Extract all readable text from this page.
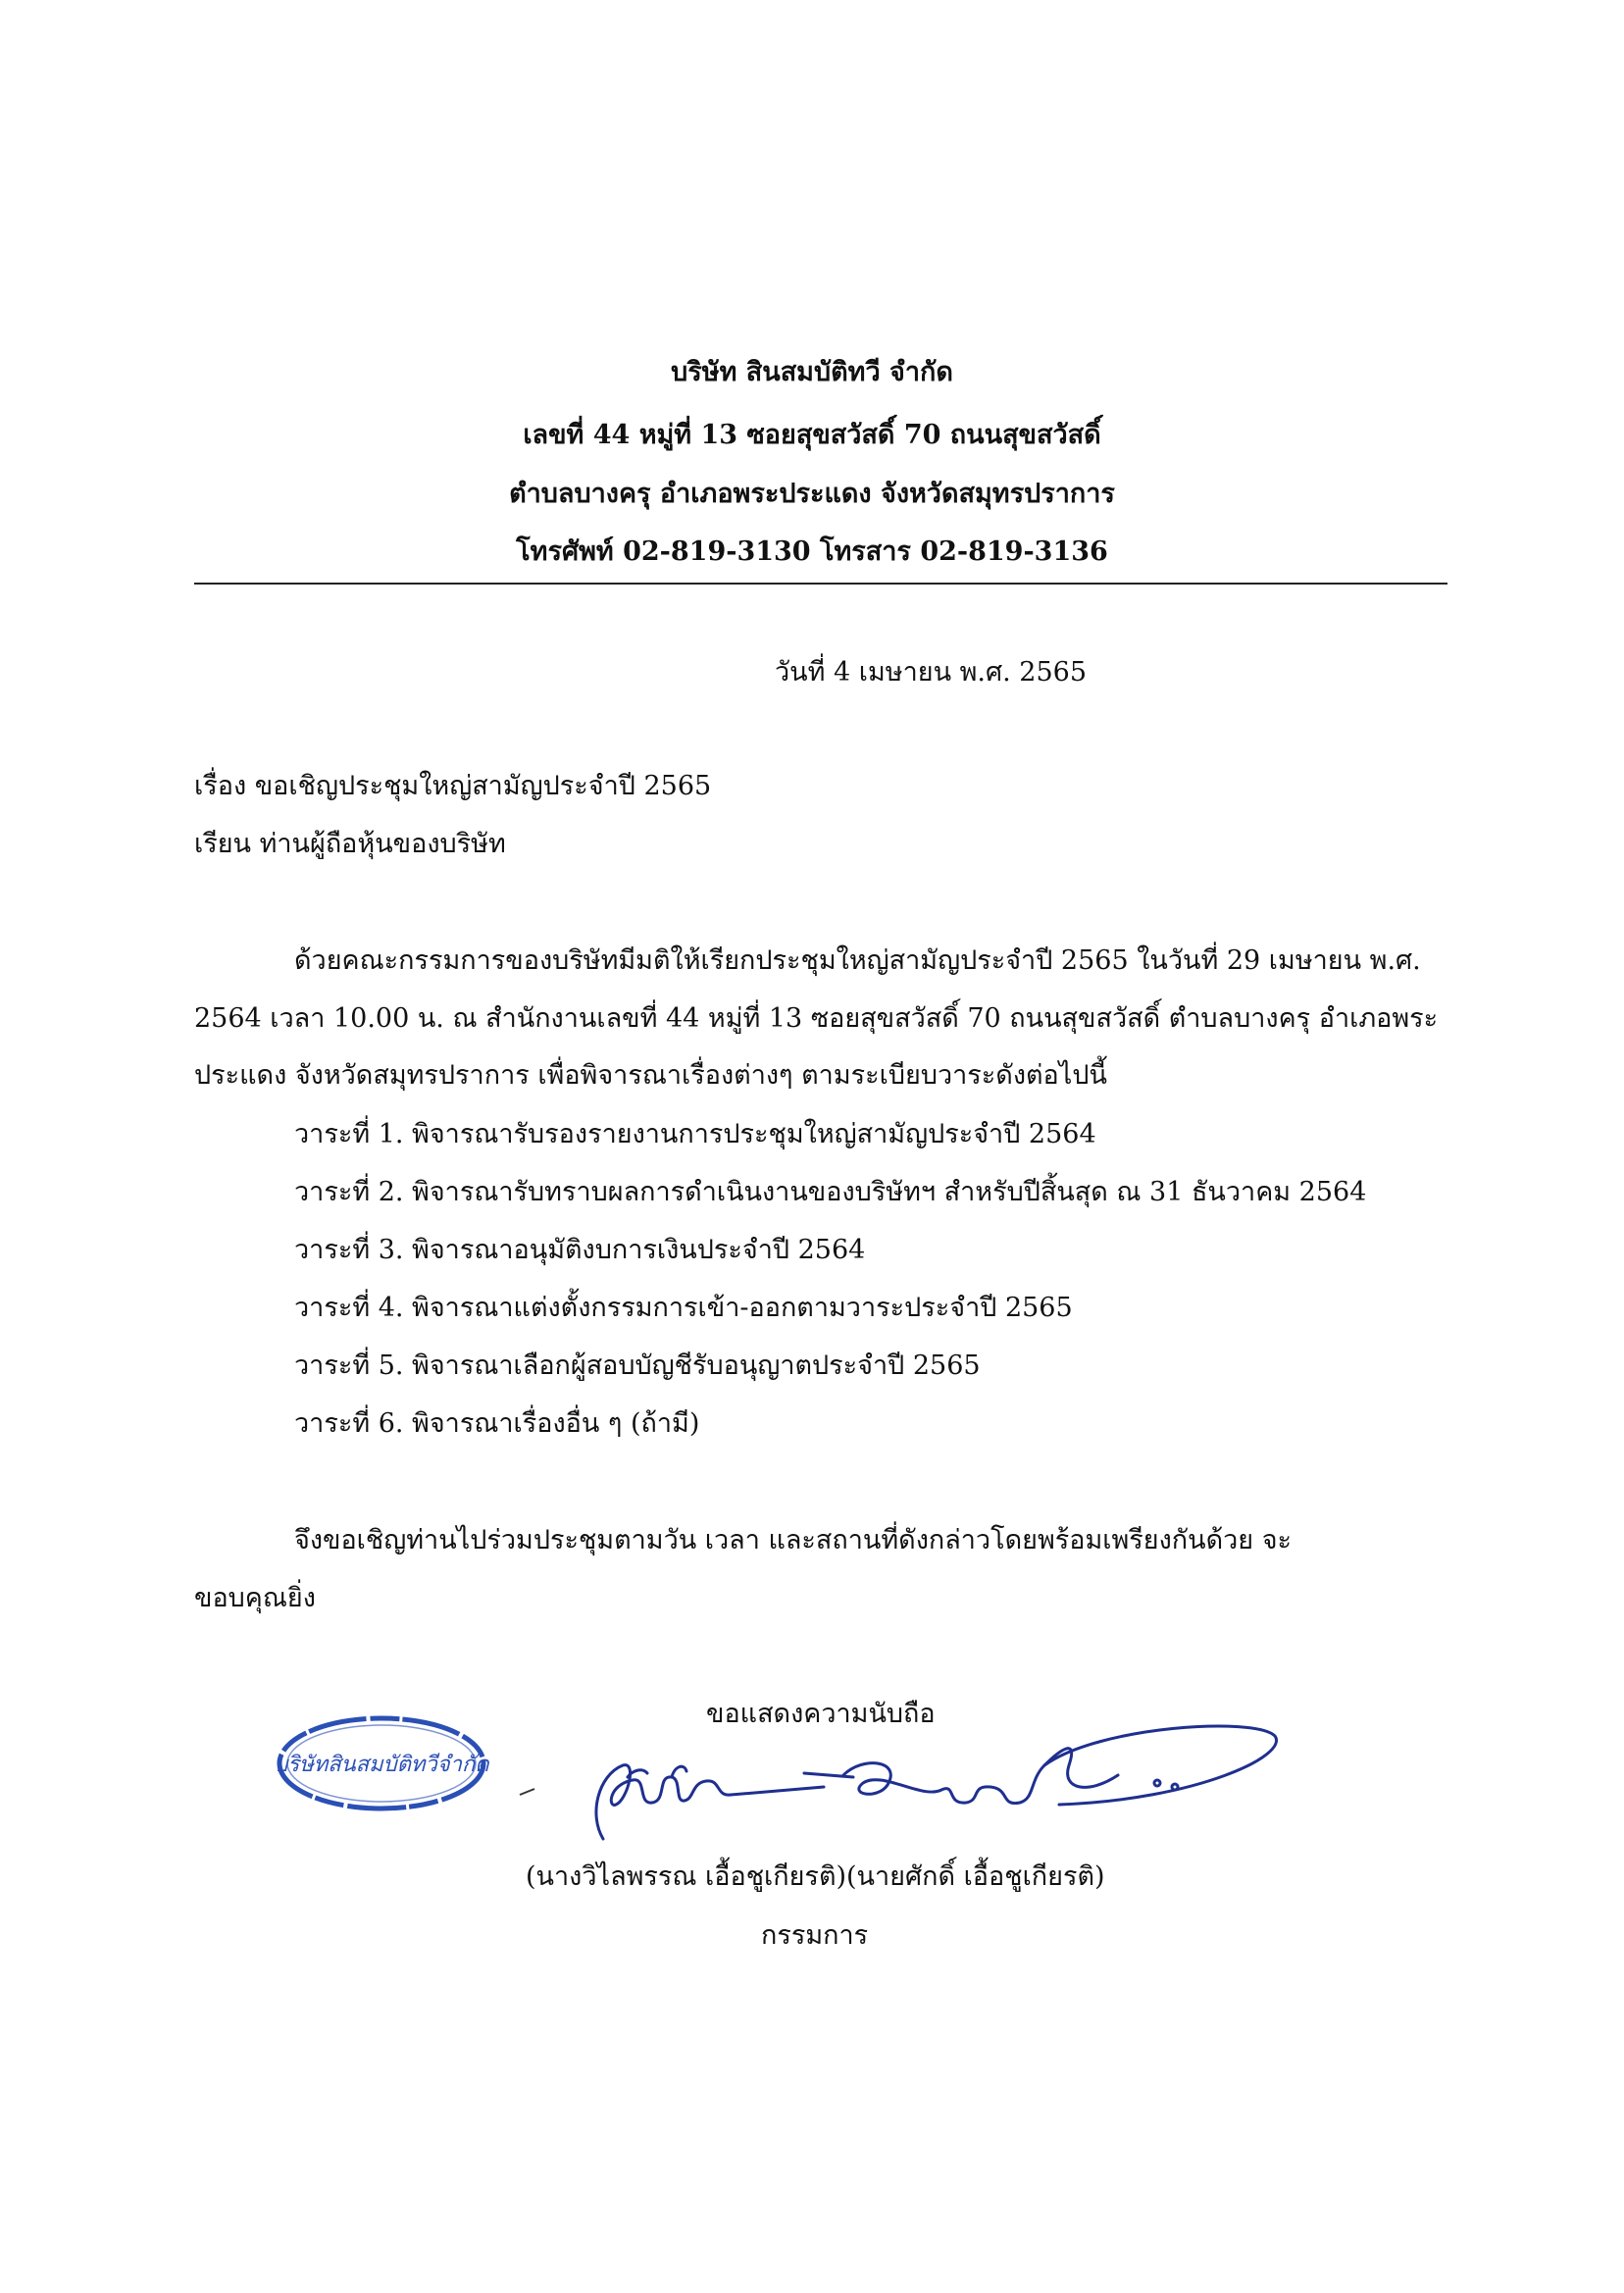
บริษัท สินสมบัติทวี จำกัด
เลขที่ 44 หมู่ที่ 13 ซอยสุขสวัสดิ์ 70 ถนนสุขสวัสดิ์
ตำบลบางครุ อำเภอพระประแดง จังหวัดสมุทรปราการ
โทรศัพท์ 02-819-3130 โทรสาร 02-819-3136
วันที่ 4 เมษายน พ.ศ. 2565
เรื่อง ขอเชิญประชุมใหญ่สามัญประจำปี 2565
เรียน ท่านผู้ถือหุ้นของบริษัท
ด้วยคณะกรรมการของบริษัทมีมติให้เรียกประชุมใหญ่สามัญประจำปี 2565 ในวันที่ 29 เมษายน พ.ศ.
2564 เวลา 10.00 น. ณ สำนักงานเลขที่ 44 หมู่ที่ 13 ซอยสุขสวัสดิ์ 70 ถนนสุขสวัสดิ์ ตำบลบางครุ อำเภอพระ
ประแดง จังหวัดสมุทรปราการ เพื่อพิจารณาเรื่องต่างๆ ตามระเบียบวาระดังต่อไปนี้
วาระที่ 1. พิจารณารับรองรายงานการประชุมใหญ่สามัญประจำปี 2564
วาระที่ 2. พิจารณารับทราบผลการดำเนินงานของบริษัทฯ สำหรับปีสิ้นสุด ณ 31 ธันวาคม 2564
วาระที่ 3. พิจารณาอนุมัติงบการเงินประจำปี 2564
วาระที่ 4. พิจารณาแต่งตั้งกรรมการเข้า-ออกตามวาระประจำปี 2565
วาระที่ 5. พิจารณาเลือกผู้สอบบัญชีรับอนุญาตประจำปี 2565
วาระที่ 6. พิจารณาเรื่องอื่น ๆ (ถ้ามี)
จึงขอเชิญท่านไปร่วมประชุมตามวัน เวลา และสถานที่ดังกล่าวโดยพร้อมเพรียงกันด้วย จะ
ขอบคุณยิ่ง
ขอแสดงความนับถือ
บริษัทสินสมบัติทวีจำกัด
(นางวิไลพรรณ เอื้อชูเกียรติ)(นายศักดิ์ เอื้อชูเกียรติ)
กรรมการ
